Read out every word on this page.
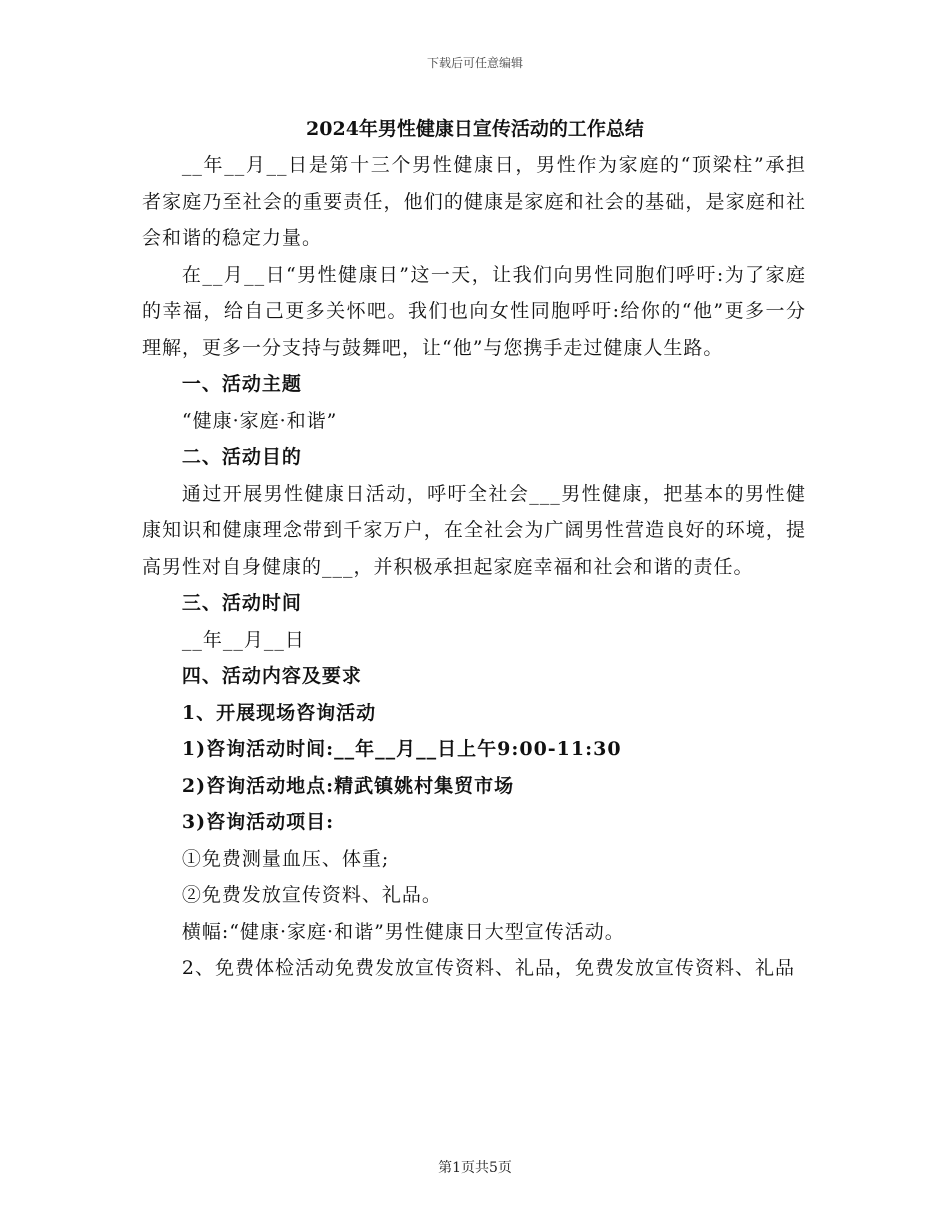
下载后可任意编辑
2024年男性健康日宣传活动的工作总结

__年__月__日是第十三个男性健康日，男性作为家庭的“顶梁柱”承担者家庭乃至社会的重要责任，他们的健康是家庭和社会的基础，是家庭和社会和谐的稳定力量。

在__月__日“男性健康日”这一天，让我们向男性同胞们呼吁:为了家庭的幸福，给自己更多关怀吧。我们也向女性同胞呼吁:给你的“他”更多一分理解，更多一分支持与鼓舞吧，让“他”与您携手走过健康人生路。

一、活动主题

“健康·家庭·和谐”

二、活动目的

通过开展男性健康日活动，呼吁全社会___男性健康，把基本的男性健康知识和健康理念带到千家万户，在全社会为广阔男性营造良好的环境，提高男性对自身健康的___，并积极承担起家庭幸福和社会和谐的责任。

三、活动时间

__年__月__日

四、活动内容及要求

1、开展现场咨询活动

1)咨询活动时间:__年__月__日上午9:00-11:30

2)咨询活动地点:精武镇姚村集贸市场

3)咨询活动项目:

①免费测量血压、体重;

②免费发放宣传资料、礼品。

横幅:“健康·家庭·和谐”男性健康日大型宣传活动。

2、免费体检活动免费发放宣传资料、礼品，免费发放宣传资料、礼品

第1页共5页
